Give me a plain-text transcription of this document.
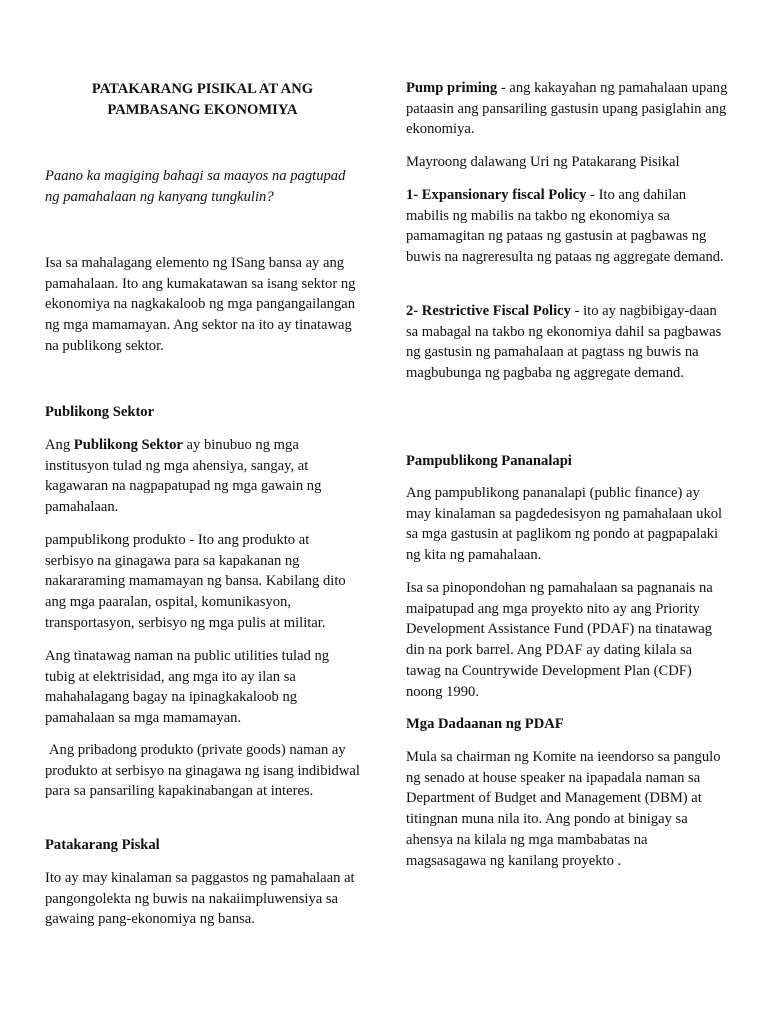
PATAKARANG PISIKAL AT ANG PAMBASANG EKONOMIYA

Paano ka magiging bahagi sa maayos na pagtupad ng pamahalaan ng kanyang tungkulin?

Isa sa mahalagang elemento ng ISang bansa ay ang pamahalaan. Ito ang kumakatawan sa isang sektor ng ekonomiya na nagkakaloob ng mga pangangailangan ng mga mamamayan. Ang sektor na ito ay tinatawag na publikong sektor.

Publikong Sektor

Ang Publikong Sektor ay binubuo ng mga institusyon tulad ng mga ahensiya, sangay, at kagawaran na nagpapatupad ng mga gawain ng pamahalaan.

pampublikong produkto - Ito ang produkto at serbisyo na ginagawa para sa kapakanan ng nakararaming mamamayan ng bansa. Kabilang dito ang mga paaralan, ospital, komunikasyon, transportasyon, serbisyo ng mga pulis at militar.

Ang tinatawag naman na public utilities tulad ng tubig at elektrisidad, ang mga ito ay ilan sa mahahalagang bagay na ipinagkakaloob ng pamahalaan sa mga mamamayan.

Ang pribadong produkto (private goods) naman ay produkto at serbisyo na ginagawa ng isang indibidwal para sa pansariling kapakinabangan at interes.

Patakarang Piskal

Ito ay may kinalaman sa paggastos ng pamahalaan at pangongolekta ng buwis na nakaiimpluwensiya sa gawaing pang-ekonomiya ng bansa.

Pump priming - ang kakayahan ng pamahalaan upang pataasin ang pansariling gastusin upang pasiglahin ang ekonomiya.

Mayroong dalawang Uri ng Patakarang Pisikal

1- Expansionary fiscal Policy - Ito ang dahilan mabilis ng mabilis na takbo ng ekonomiya sa pamamagitan ng pataas ng gastusin at pagbawas ng buwis na nagreresulta ng pataas ng aggregate demand.

2- Restrictive Fiscal Policy - ito ay nagbibigay-daan sa mabagal na takbo ng ekonomiya dahil sa pagbawas ng gastusin ng pamahalaan at pagtass ng buwis na magbubunga ng pagbaba ng aggregate demand.

Pampublikong Pananalapi

Ang pampublikong pananalapi (public finance) ay may kinalaman sa pagdedesisyon ng pamahalaan ukol sa mga gastusin at paglikom ng pondo at pagpapalaki ng kita ng pamahalaan.

Isa sa pinopondohan ng pamahalaan sa pagnanais na maipatupad ang mga proyekto nito ay ang Priority Development Assistance Fund (PDAF) na tinatawag din na pork barrel. Ang PDAF ay dating kilala sa tawag na Countrywide Development Plan (CDF) noong 1990.

Mga Dadaanan ng PDAF

Mula sa chairman ng Komite na ieendorso sa pangulo ng senado at house speaker na ipapadala naman sa Department of Budget and Management (DBM) at titingnan muna nila ito. Ang pondo at binigay sa ahensya na kilala ng mga mambabatas na magsasagawa ng kanilang proyekto .
